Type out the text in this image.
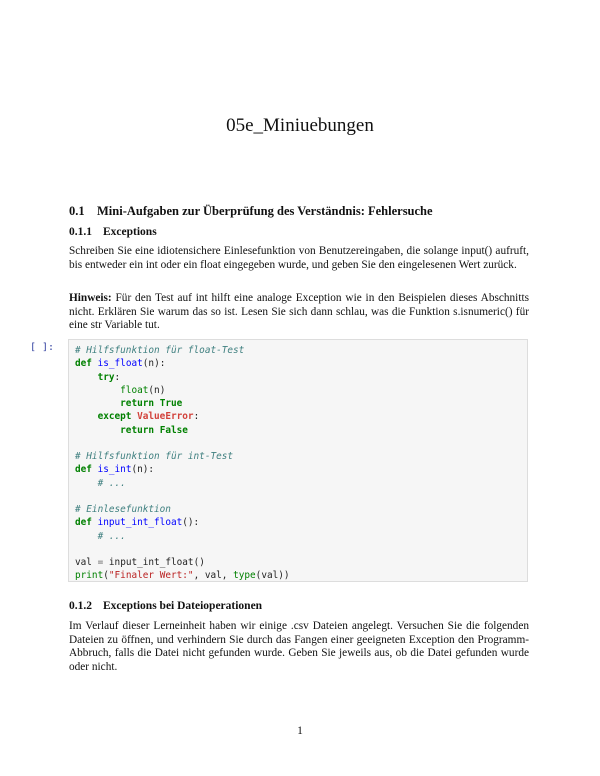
05e_Miniuebungen
0.1 Mini-Aufgaben zur Überprüfung des Verständnis: Fehlersuche
0.1.1 Exceptions
Schreiben Sie eine idiotensichere Einlesefunktion von Benutzereingaben, die solange input() aufruft, bis entweder ein int oder ein float eingegeben wurde, und geben Sie den eingelesenen Wert zurück.
Hinweis: Für den Test auf int hilft eine analoge Exception wie in den Beispielen dieses Abschnitts nicht. Erklären Sie warum das so ist. Lesen Sie sich dann schlau, was die Funktion s.isnumeric() für eine str Variable tut.
[ ]:	# Hilfsfunktion für float-Test
def is_float(n):
try:
float(n)
return True
except ValueError:
return False

# Hilfsfunktion für int-Test
def is_int(n):
# ...

# Einlesefunktion
def input_int_float():
# ...

val = input_int_float()
print("Finaler Wert:", val, type(val))
0.1.2 Exceptions bei Dateioperationen
Im Verlauf dieser Lerneinheit haben wir einige .csv Dateien angelegt. Versuchen Sie die folgenden Dateien zu öffnen, und verhindern Sie durch das Fangen einer geeigneten Exception den Programm-Abbruch, falls die Datei nicht gefunden wurde. Geben Sie jeweils aus, ob die Datei gefunden wurde oder nicht.
1
